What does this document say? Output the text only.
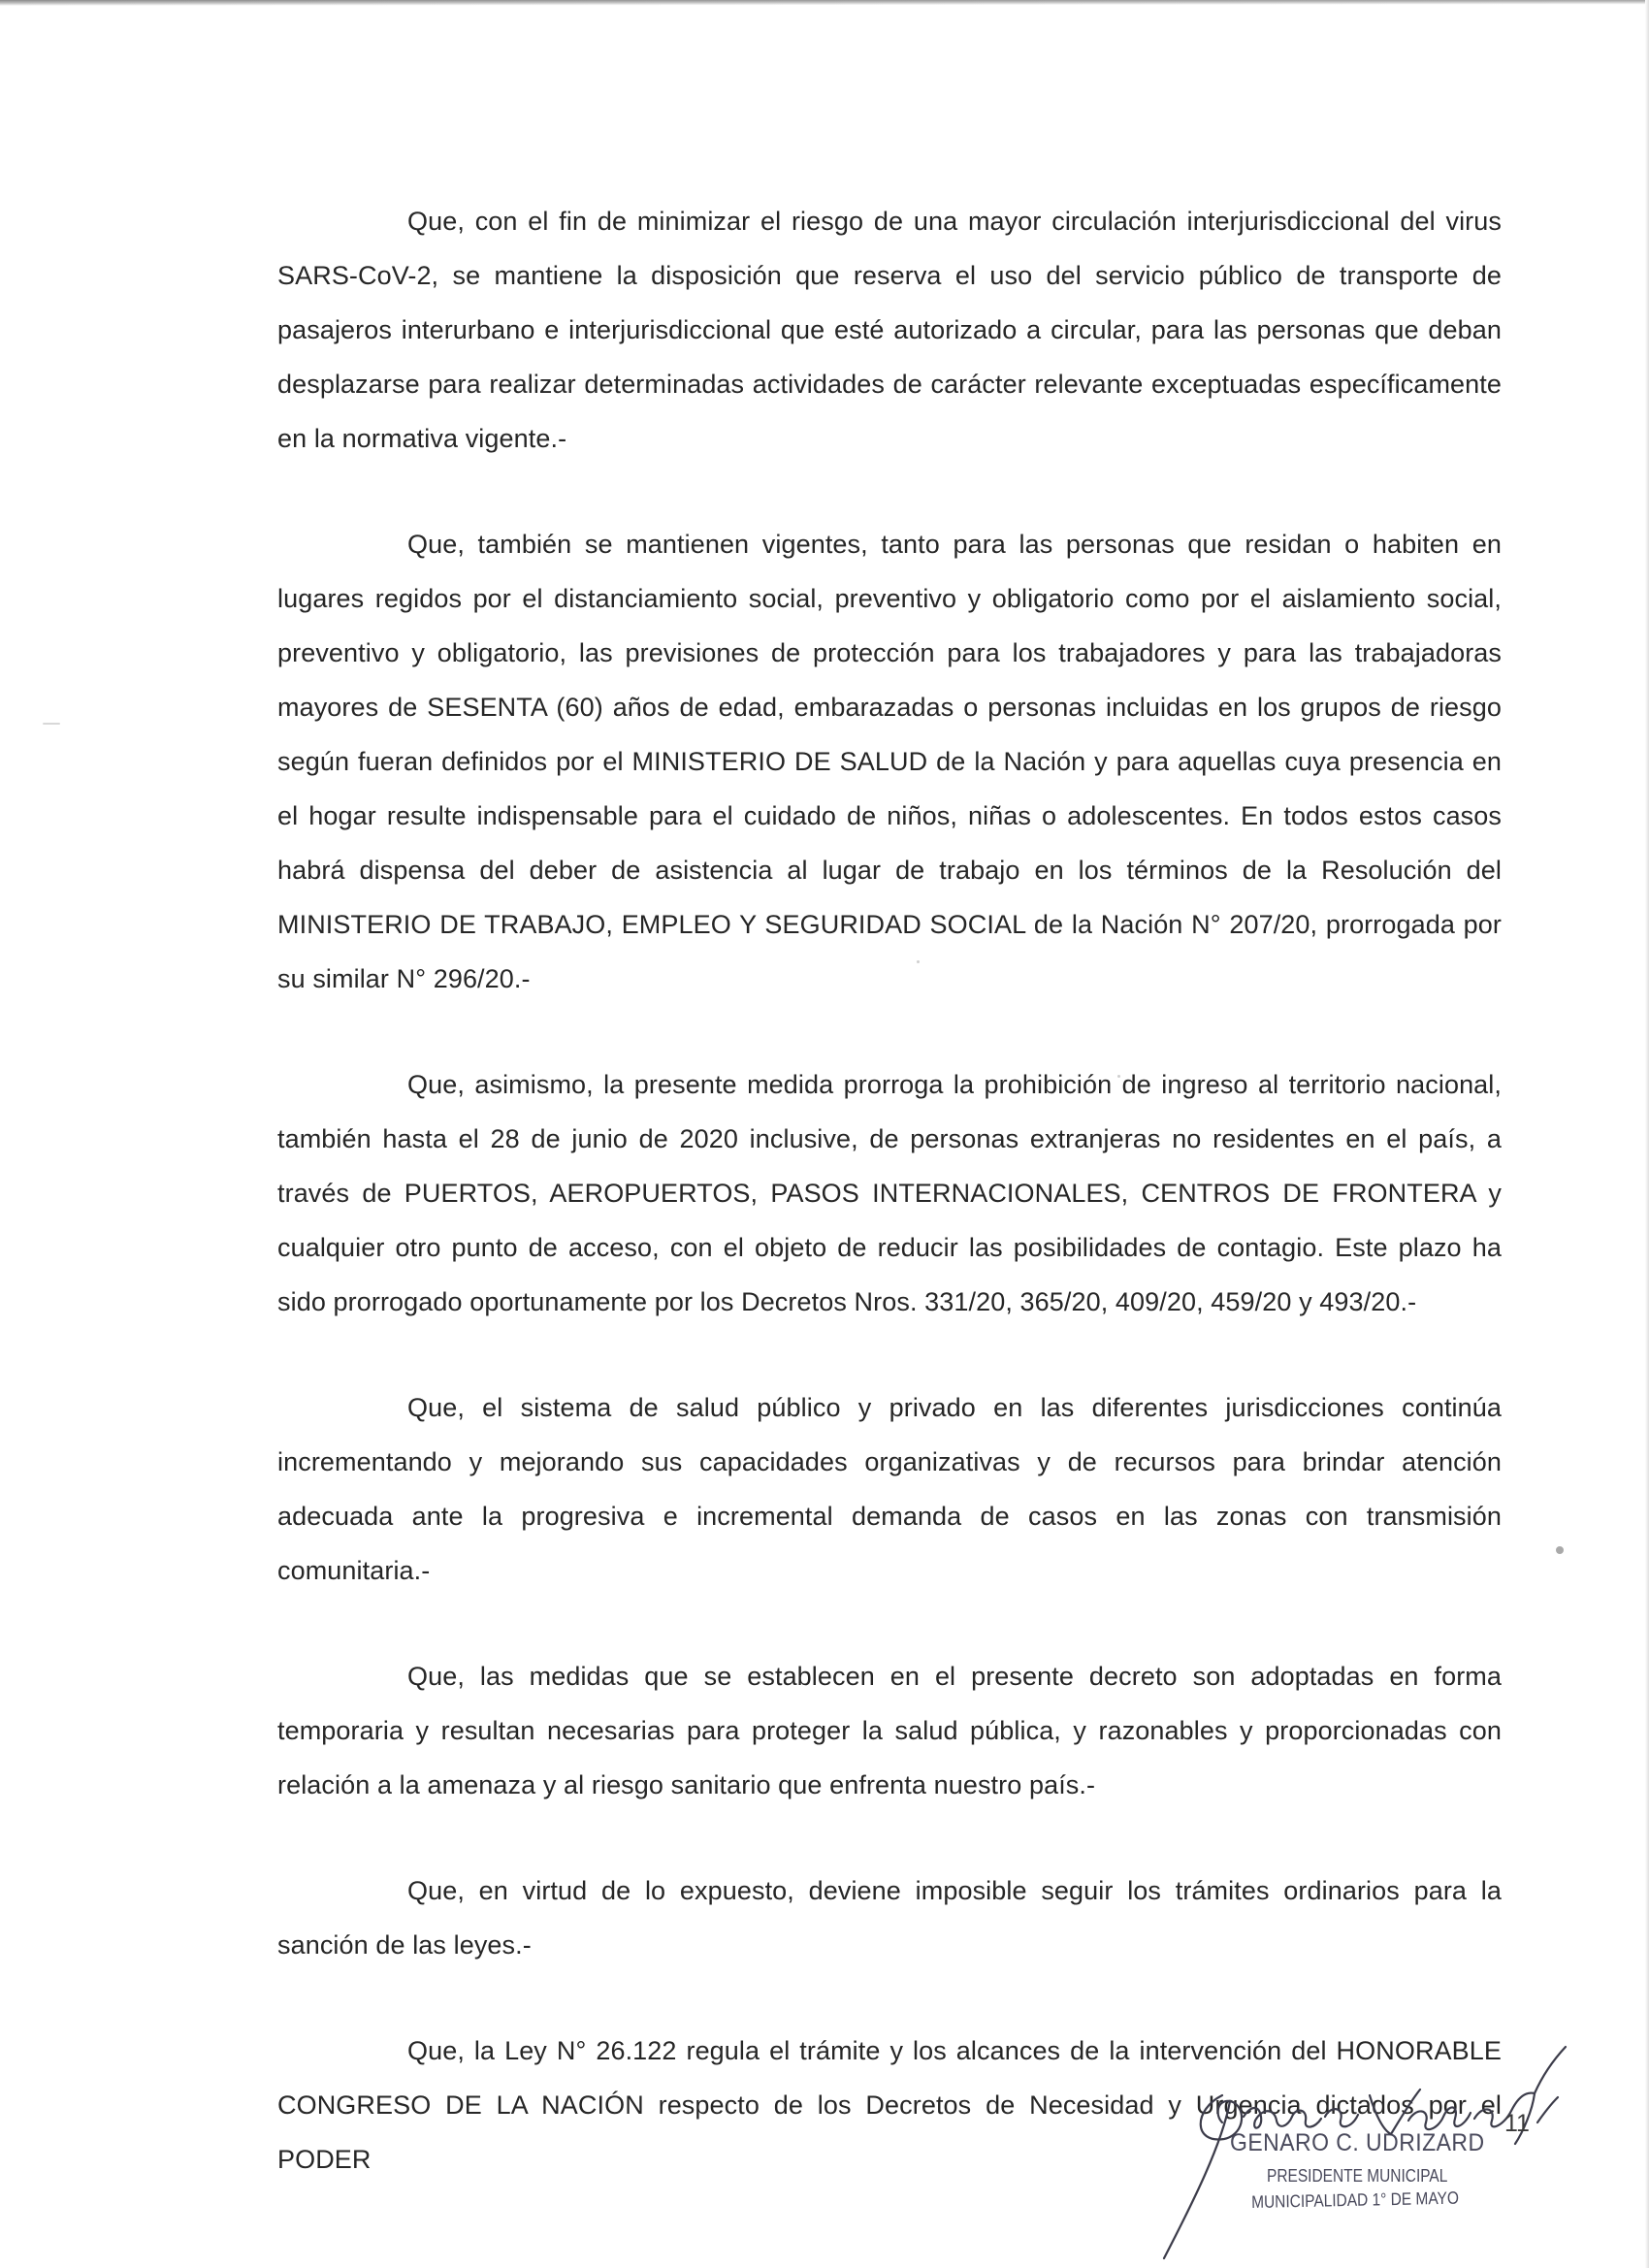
Que, con el fin de minimizar el riesgo de una mayor circulación interjurisdiccional del virus SARS-CoV-2, se mantiene la disposición que reserva el uso del servicio público de transporte de pasajeros interurbano e interjurisdiccional que esté autorizado a circular, para las personas que deban desplazarse para realizar determinadas actividades de carácter relevante exceptuadas específicamente en la normativa vigente.-

Que, también se mantienen vigentes, tanto para las personas que residan o habiten en lugares regidos por el distanciamiento social, preventivo y obligatorio como por el aislamiento social, preventivo y obligatorio, las previsiones de protección para los trabajadores y para las trabajadoras mayores de SESENTA (60) años de edad, embarazadas o personas incluidas en los grupos de riesgo según fueran definidos por el MINISTERIO DE SALUD de la Nación y para aquellas cuya presencia en el hogar resulte indispensable para el cuidado de niños, niñas o adolescentes. En todos estos casos habrá dispensa del deber de asistencia al lugar de trabajo en los términos de la Resolución del MINISTERIO DE TRABAJO, EMPLEO Y SEGURIDAD SOCIAL de la Nación N° 207/20, prorrogada por su similar N° 296/20.-

Que, asimismo, la presente medida prorroga la prohibición de ingreso al territorio nacional, también hasta el 28 de junio de 2020 inclusive, de personas extranjeras no residentes en el país, a través de PUERTOS, AEROPUERTOS, PASOS INTERNACIONALES, CENTROS DE FRONTERA y cualquier otro punto de acceso, con el objeto de reducir las posibilidades de contagio. Este plazo ha sido prorrogado oportunamente por los Decretos Nros. 331/20, 365/20, 409/20, 459/20 y 493/20.-

Que, el sistema de salud público y privado en las diferentes jurisdicciones continúa incrementando y mejorando sus capacidades organizativas y de recursos para brindar atención adecuada ante la progresiva e incremental demanda de casos en las zonas con transmisión comunitaria.-

Que, las medidas que se establecen en el presente decreto son adoptadas en forma temporaria y resultan necesarias para proteger la salud pública, y razonables y proporcionadas con relación a la amenaza y al riesgo sanitario que enfrenta nuestro país.-

Que, en virtud de lo expuesto, deviene imposible seguir los trámites ordinarios para la sanción de las leyes.-

Que, la Ley N° 26.122 regula el trámite y los alcances de la intervención del HONORABLE CONGRESO DE LA NACIÓN respecto de los Decretos de Necesidad y Urgencia dictados por el PODER

GENARO C. UDRIZARD
PRESIDENTE MUNICIPAL
MUNICIPALIDAD 1° DE MAYO
11
